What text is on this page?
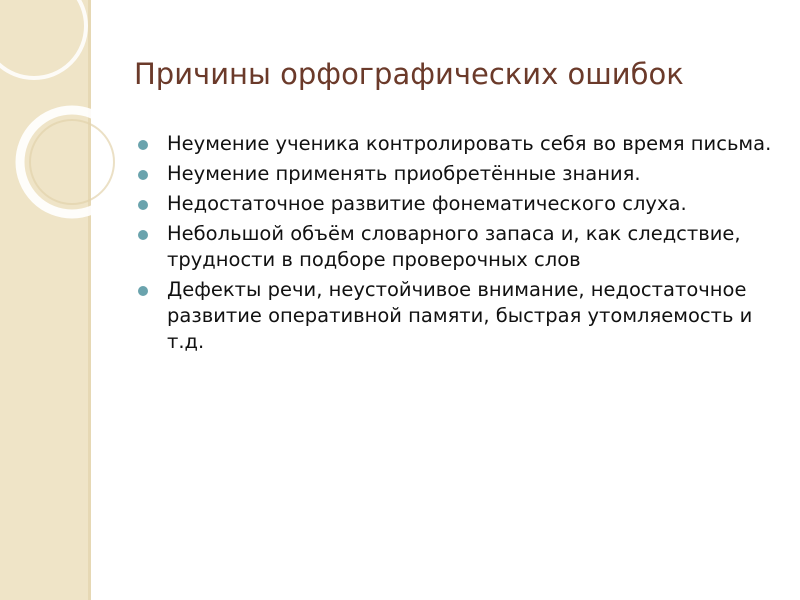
Причины орфографических ошибок
Неумение ученика контролировать себя во время письма.
Неумение применять приобретённые знания.
Недостаточное развитие фонематического слуха.
Небольшой объём словарного запаса и, как следствие, трудности в подборе проверочных слов
Дефекты речи, неустойчивое внимание, недостаточное развитие оперативной памяти, быстрая утомляемость и т.д.
